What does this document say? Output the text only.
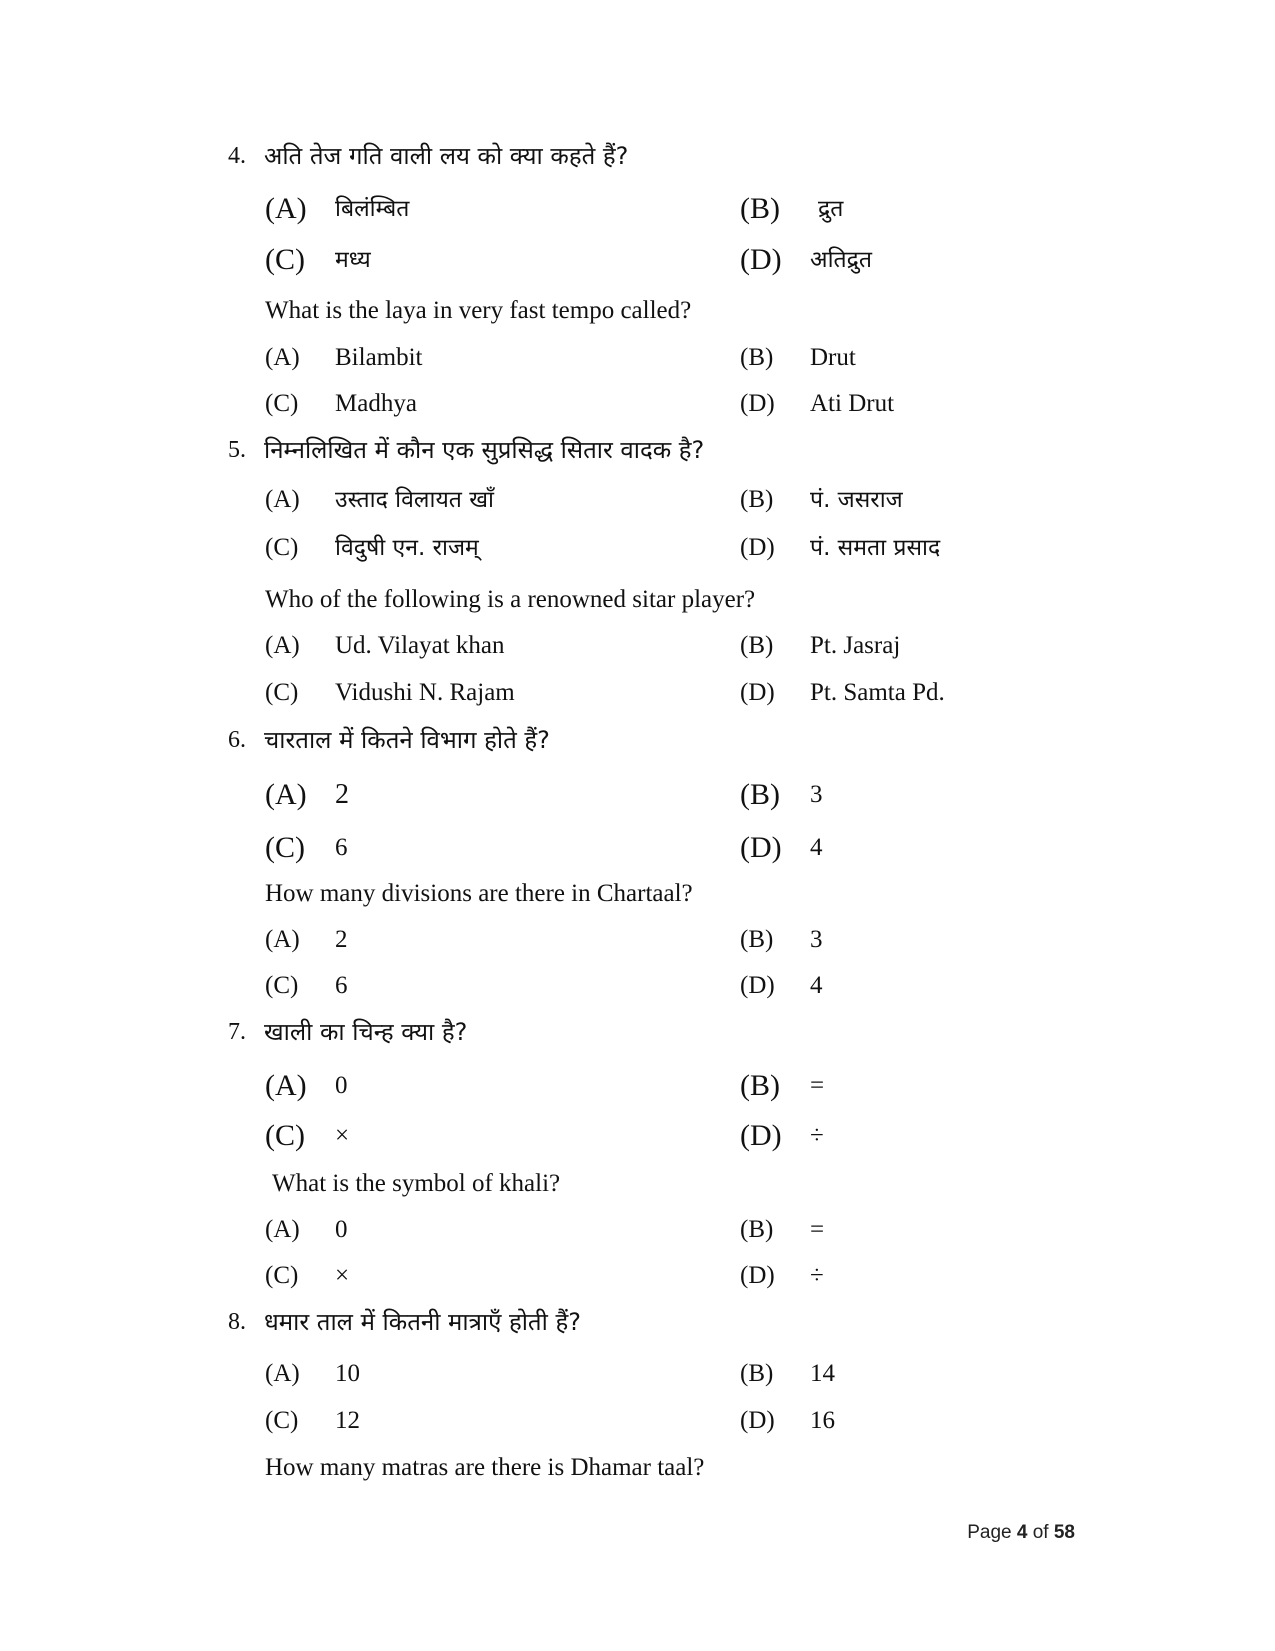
4. अति तेज गति वाली लय को क्या कहते हैं?
(A) बिलंम्बित	(B) द्रुत
(C) मध्य	(D) अतिद्रुत
What is the laya in very fast tempo called?
(A) Bilambit	(B) Drut
(C) Madhya	(D) Ati Drut
5. निम्नलिखित में कौन एक सुप्रसिद्ध सितार वादक है?
(A) उस्ताद विलायत खाँ	(B) पं. जसराज
(C) विदुषी एन. राजम्	(D) पं. समता प्रसाद
Who of the following is a renowned sitar player?
(A) Ud. Vilayat khan	(B) Pt. Jasraj
(C) Vidushi N. Rajam	(D) Pt. Samta Pd.
6. चारताल में कितने विभाग होते हैं?
(A) 2	(B) 3
(C) 6	(D) 4
How many divisions are there in Chartaal?
(A) 2	(B) 3
(C) 6	(D) 4
7. खाली का चिन्ह क्या है?
(A) 0	(B) =
(C) ×	(D) ÷
What is the symbol of khali?
(A) 0	(B) =
(C) ×	(D) ÷
8. धमार ताल में कितनी मात्राएँ होती हैं?
(A) 10	(B) 14
(C) 12	(D) 16
How many matras are there is Dhamar taal?
Page 4 of 58
